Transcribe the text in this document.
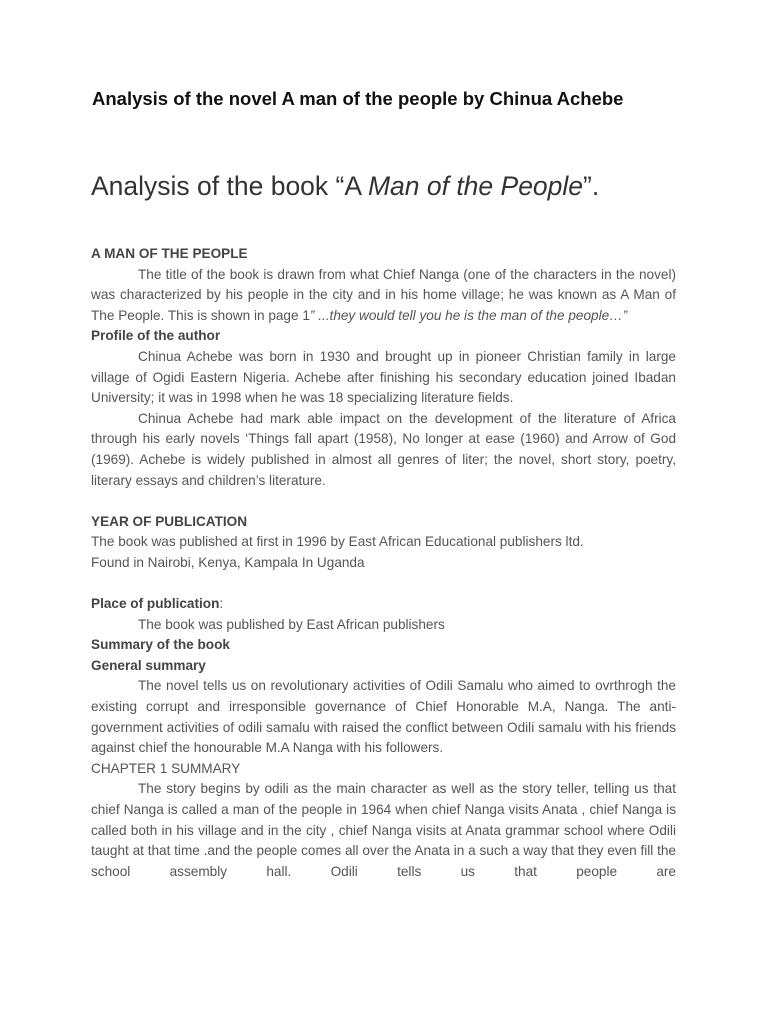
Analysis of the novel A man of the people by Chinua Achebe
Analysis of the book “A Man of the People”.

A MAN OF THE PEOPLE

The title of the book is drawn from what Chief Nanga (one of the characters in the novel) was characterized by his people in the city and in his home village; he was known as A Man of The People. This is shown in page 1” ...they would tell you he is the man of the people…”

Profile of the author

Chinua Achebe was born in 1930 and brought up in pioneer Christian family in large village of Ogidi Eastern Nigeria. Achebe after finishing his secondary education joined Ibadan University; it was in 1998 when he was 18 specializing literature fields.

Chinua Achebe had mark able impact on the development of the literature of Africa through his early novels ‘Things fall apart (1958), No longer at ease (1960) and Arrow of God (1969). Achebe is widely published in almost all genres of liter; the novel, short story, poetry, literary essays and children’s literature.

YEAR OF PUBLICATION

The book was published at first in 1996 by East African Educational publishers ltd.

Found in Nairobi, Kenya, Kampala In Uganda

Place of publication:

The book was published by East African publishers

Summary of the book

General summary

The novel tells us on revolutionary activities of Odili Samalu who aimed to ovrthrogh the existing corrupt and irresponsible governance of Chief Honorable M.A, Nanga. The anti-government activities of odili samalu with raised the conflict between Odili samalu with his friends against chief the honourable M.A Nanga with his followers.

CHAPTER 1 SUMMARY

The story begins by odili as the main character as well as the story teller, telling us that chief Nanga is called a man of the people in 1964 when chief Nanga visits Anata , chief Nanga is called both in his village and in the city , chief Nanga visits at Anata grammar school where Odili taught at that time .and the people comes all over the Anata in a such a way that they even fill the school assembly hall. Odili tells us that people are
